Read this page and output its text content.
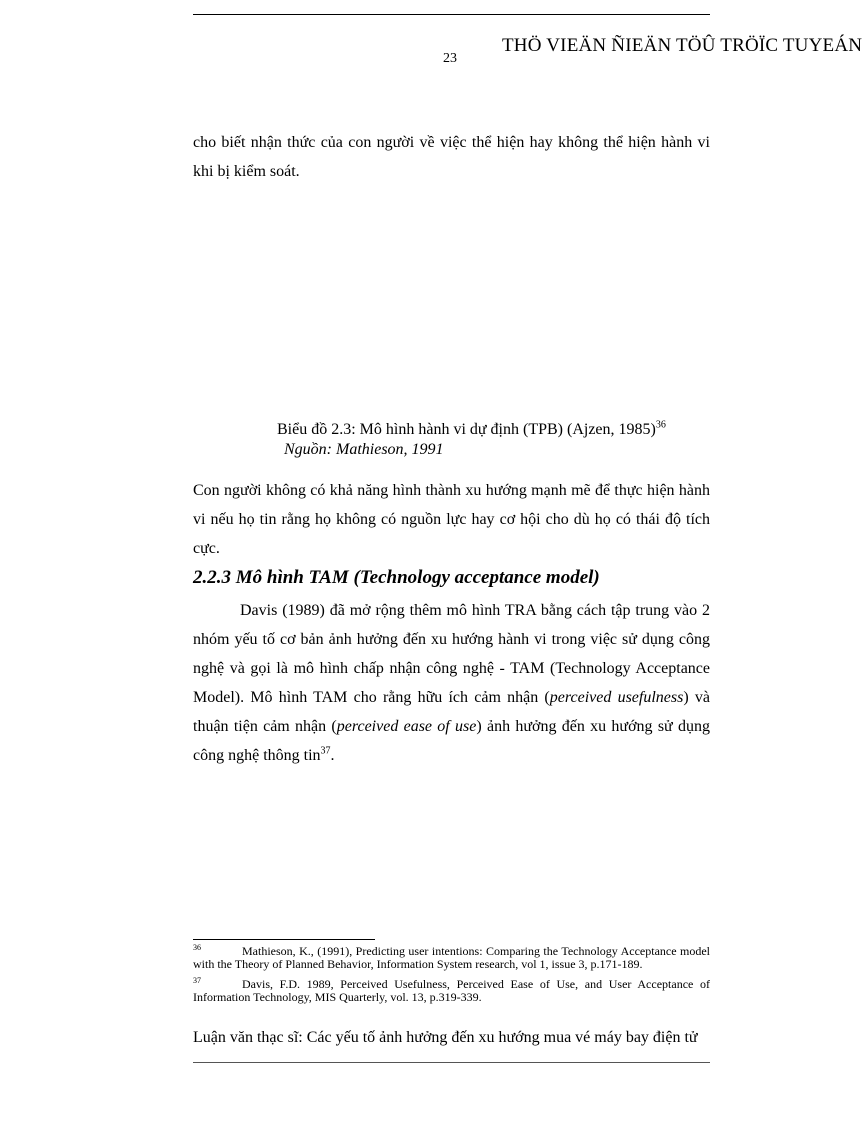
THÖ VIEÄN ÑIEÄN TÖÛ TRÖÏC TUYEÁN
23

cho biết nhận thức của con người về việc thể hiện hay không thể hiện hành vi khi bị kiểm soát.

Biểu đồ 2.3: Mô hình hành vi dự định (TPB) (Ajzen, 1985)$^{36}$
Nguồn: Mathieson, 1991

Con người không có khả năng hình thành xu hướng mạnh mẽ để thực hiện hành vi nếu họ tin rằng họ không có nguồn lực hay cơ hội cho dù họ có thái độ tích cực.

2.2.3 Mô hình TAM (Technology acceptance model)

Davis (1989) đã mở rộng thêm mô hình TRA bằng cách tập trung vào 2 nhóm yếu tố cơ bản ảnh hưởng đến xu hướng hành vi trong việc sử dụng công nghệ và gọi là mô hình chấp nhận công nghệ - TAM (Technology Acceptance Model). Mô hình TAM cho rằng hữu ích cảm nhận (perceived usefulness) và thuận tiện cảm nhận (perceived ease of use) ảnh hưởng đến xu hướng sử dụng công nghệ thông tin$^{37}$.

36	Mathieson, K., (1991), Predicting user intentions: Comparing the Technology Acceptance model with the Theory of Planned Behavior, Information System research, vol 1, issue 3, p.171-189.

37	Davis, F.D. 1989, Perceived Usefulness, Perceived Ease of Use, and User Acceptance of Information Technology, MIS Quarterly, vol. 13, p.319-339.

Luận văn thạc sĩ: Các yếu tố ảnh hưởng đến xu hướng mua vé máy bay điện tử
